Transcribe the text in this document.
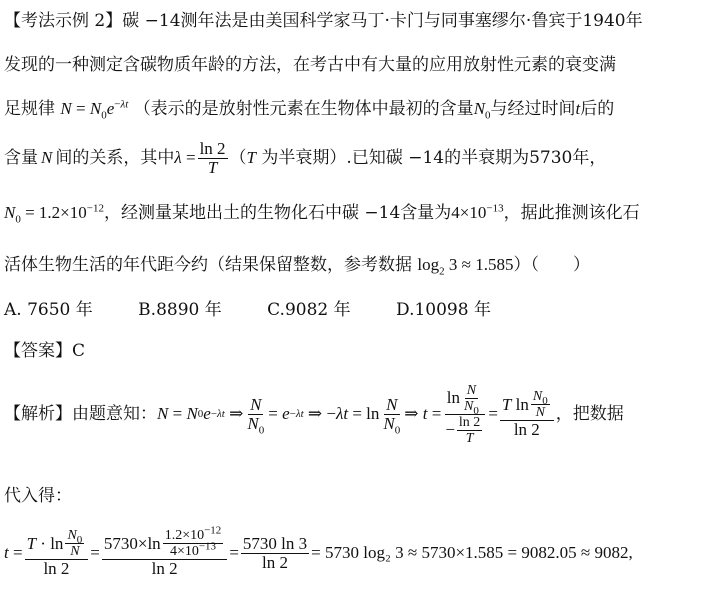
【考法示例 2】碳 −14测年法是由美国科学家马丁·卡门与同事塞缪尔·鲁宾于1940年
发现的一种测定含碳物质年龄的方法，在考古中有大量的应用放射性元素的衰变满
足规律 $N = N_0e^{-\lambda t}$ （表示的是放射性元素在生物体中最初的含量$N_0$与经过时间t后的
含量 N 间的关系，其中 $\lambda = \frac{\ln 2}{T}$ （ T
为半衰期）.已知碳 −14的半衰期为5730年，
$N_0 = 1.2\times 10^{-12}$，经测量某地出土的生物化石中碳 −14含量为$4\times 10^{-13}$，据此推测该化石
活体生物生活的年代距今约（结果保留整数，参考数据 $\log_2 3 \approx 1.585$）（　　）
A. 7650 年	B.8890 年	C.9082 年	D.10098 年
【答案】C
【解析】 由题意知： N = N 0 e −λt ⇒ $\frac{N}{N_0} = e -\lambda t$ ⇒ − $\lambda t = \ln \frac{N}{N_0}$ ⇒ $t = \frac{\ln \frac{N}{N_0}}{- \frac{\ln 2}{T}} = \frac{T \ln \frac{N_0}{N}}{\ln 2}$ ，把数据
代入得：
$t = \frac{T \cdot \ln \frac{N_0}{N}}{\ln 2} = \frac{5730\times\ln \frac{1.2\times 10^{-12}}{4\times 10^{-13}}}{\ln 2} = \frac{5730 \ln 3}{\ln 2} = 5730$ log₂ 3 ≈ 5730×1.585 = 9082.05 ≈ 9082,
